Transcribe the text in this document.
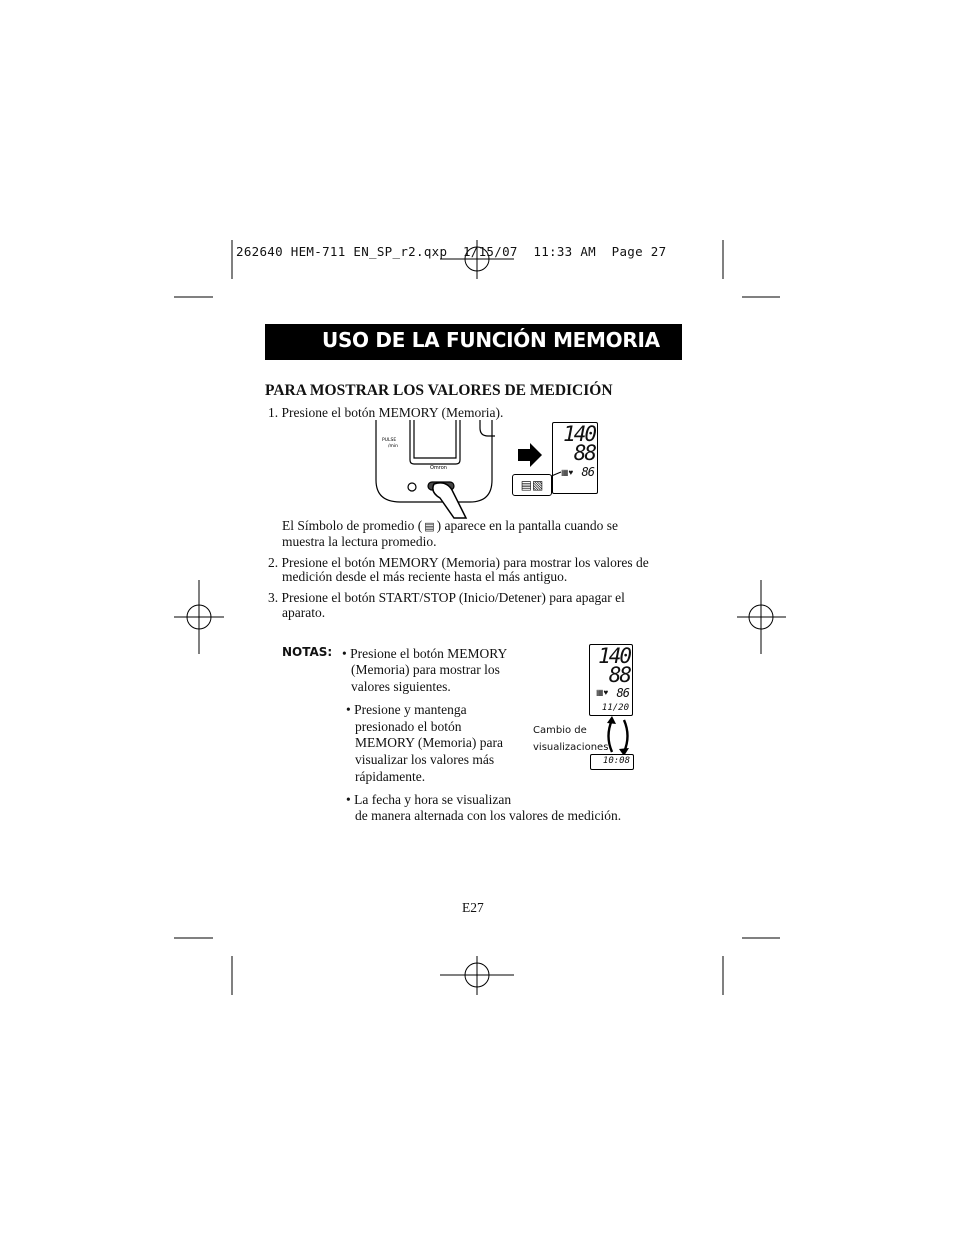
262640 HEM-711 EN_SP_r2.qxp  1/15/07  11:33 AM  Page 27
USO DE LA FUNCIÓN MEMORIA
PARA MOSTRAR LOS VALORES DE MEDICIÓN
1. Presione el botón MEMORY (Memoria).
PULSE
/min
Omron
140
88
86
▦♥
▤▧
El Símbolo de promedio ( ▤ ) aparece en la pantalla cuando se
muestra la lectura promedio.
2. Presione el botón MEMORY (Memoria) para mostrar los valores de
medición desde el más reciente hasta el más antiguo.
3. Presione el botón START/STOP (Inicio/Detener) para apagar el
aparato.
NOTAS: • Presione el botón MEMORY
(Memoria) para mostrar los
valores siguientes.
• Presione y mantenga
presionado el botón
MEMORY (Memoria) para
visualizar los valores más
rápidamente.
• La fecha y hora se visualizan
de manera alternada con los valores de medición.
140
88
86
▦♥
11/20
Cambio de
visualizaciones
10:08
E27
